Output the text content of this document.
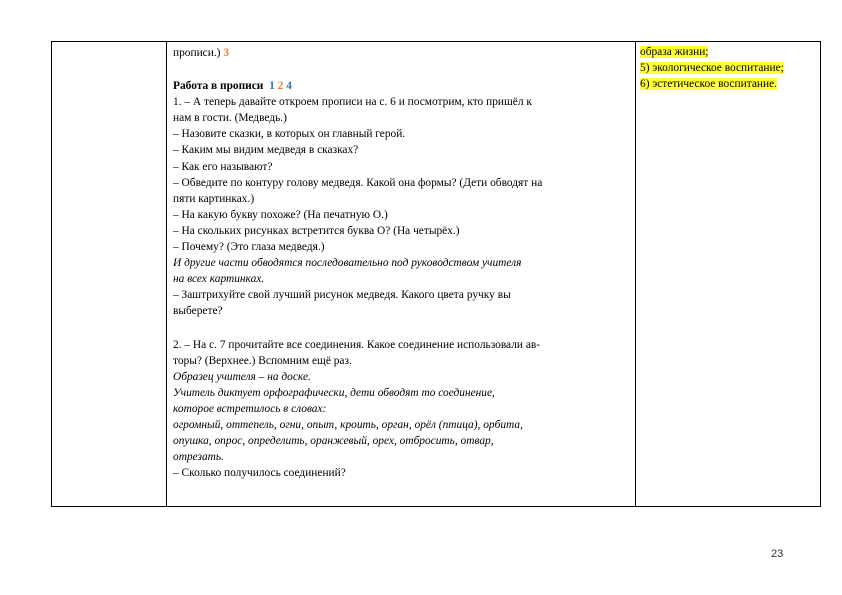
прописи.) 3
Работа в прописи 1 2 4
1. – А теперь давайте откроем прописи на с. 6 и посмотрим, кто пришёл к
нам в гости. (Медведь.)
– Назовите сказки, в которых он главный герой.
– Каким мы видим медведя в сказках?
– Как его называют?
– Обведите по контуру голову медведя. Какой она формы? (Дети обводят на
пяти картинках.)
– На какую букву похоже? (На печатную О.)
– На скольких рисунках встретится буква О? (На четырёх.)
– Почему? (Это глаза медведя.)
И другие части обводятся последовательно под руководством учителя
на всех картинках.
– Заштрихуйте свой лучший рисунок медведя. Какого цвета ручку вы
выберете?
2. – На с. 7 прочитайте все соединения. Какое соединение использовали ав-
торы? (Верхнее.) Вспомним ещё раз.
Образец учителя – на доске.
Учитель диктует орфографически, дети обводят то соединение,
которое встретилось в словах:
огромный, оттепель, огни, опыт, кроить, орган, орёл (птица), орбита,
опушка, опрос, определить, оранжевый, орех, отбросить, отвар,
отрезать.
– Сколько получилось соединений?
образа жизни;
5) экологическое воспитание;
6) эстетическое воспитание.
23
